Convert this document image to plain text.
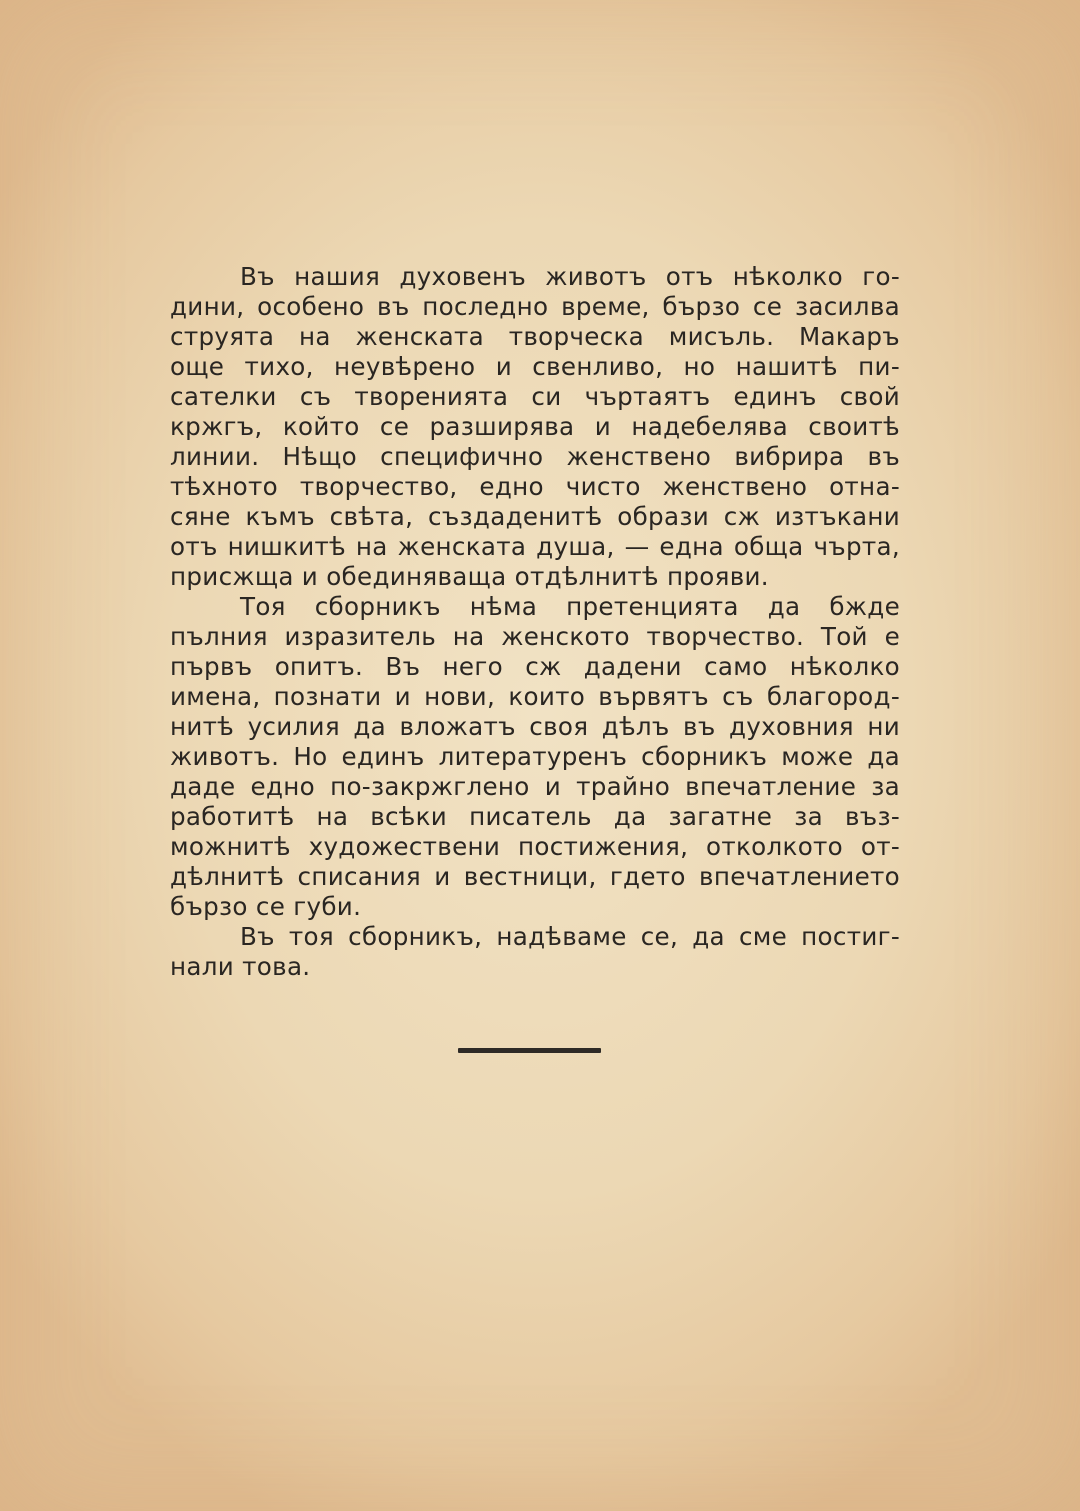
Въ нашия духовенъ животъ отъ нѣколко го-
дини, особено въ последно време, бързо се засилва
струята на женската творческа мисъль. Макаръ
още тихо, неувѣрено и свенливо, но нашитѣ пи-
сателки съ творенията си чъртаятъ единъ свой
кржгъ, който се разширява и надебелява своитѣ
линии. Нѣщо специфично женствено вибрира въ
тѣхното творчество, едно чисто женствено отна-
сяне къмъ свѣта, създаденитѣ образи сж изтъкани
отъ нишкитѣ на женската душа, — една обща чърта,
присжща и обединяваща отдѣлнитѣ прояви.
Тоя сборникъ нѣма претенцията да бжде
пълния изразитель на женското творчество. Той е
първъ опитъ. Въ него сж дадени само нѣколко
имена, познати и нови, които вървятъ съ благород-
нитѣ усилия да вложатъ своя дѣлъ въ духовния ни
животъ. Но единъ литературенъ сборникъ може да
даде едно по-закржглено и трайно впечатление за
работитѣ на всѣки писатель да загатне за въз-
можнитѣ художествени постижения, отколкото от-
дѣлнитѣ списания и вестници, гдето впечатлението
бързо се губи.
Въ тоя сборникъ, надѣваме се, да сме постиг-
нали това.
